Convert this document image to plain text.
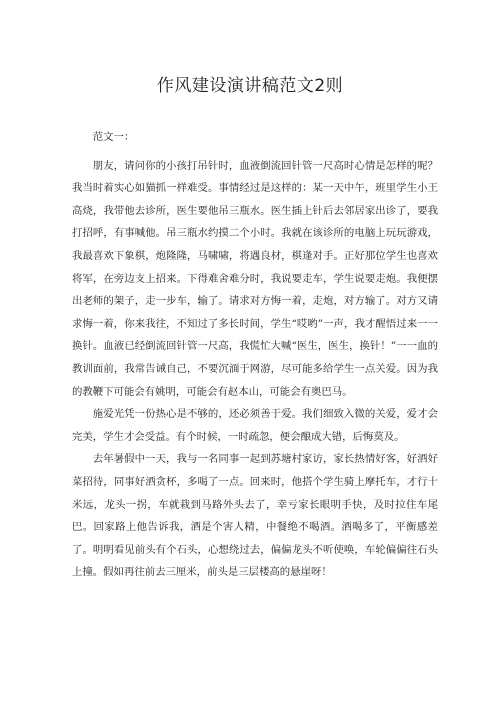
作风建设演讲稿范文2则

范文一：

朋友，请问你的小孩打吊针时，血液倒流回针管一尺高时心情是怎样的呢？我当时着实心如猫抓一样难受。事情经过是这样的：某一天中午，班里学生小王高烧，我带他去诊所，医生要他吊三瓶水。医生插上针后去邻居家出诊了，要我打招呼，有事喊他。吊三瓶水约摸二个小时。我就在该诊所的电脑上玩玩游戏，我最喜欢下象棋，炮隆隆，马啸啸，将遇良材，棋逢对手。正好那位学生也喜欢将军，在旁边支上招来。下得难舍难分时，我说要走车，学生说要走炮。我便摆出老师的架子，走一步车，输了。请求对方悔一着，走炮，对方输了。对方又请求悔一着，你来我往，不知过了多长时间，学生“哎哟”一声，我才醒悟过来一一换针。血液已经倒流回针管一尺高，我慌忙大喊“医生，医生，换针！”一一血的教训面前，我常告诫自己，不要沉湎于网游，尽可能多给学生一点关爱。因为我的教鞭下可能会有姚明，可能会有赵本山，可能会有奥巴马。

施爱光凭一份热心是不够的，还必须善于爱。我们细致入微的关爱，爱才会完美，学生才会受益。有个时候，一时疏忽，便会酿成大错，后悔莫及。

去年暑假中一天，我与一名同事一起到苏塘村家访，家长热情好客，好酒好菜招待，同事好酒贪杯，多喝了一点。回来时，他搭个学生骑上摩托车，才行十米远，龙头一拐，车就栽到马路外头去了，幸亏家长眼明手快，及时拉住车尾巴。回家路上他告诉我，酒是个害人精，中餐绝不喝酒。酒喝多了，平衡感差了。明明看见前头有个石头，心想绕过去，偏偏龙头不听使唤，车轮偏偏往石头上撞。假如再往前去三厘米，前头是三层楼高的悬崖呀！
